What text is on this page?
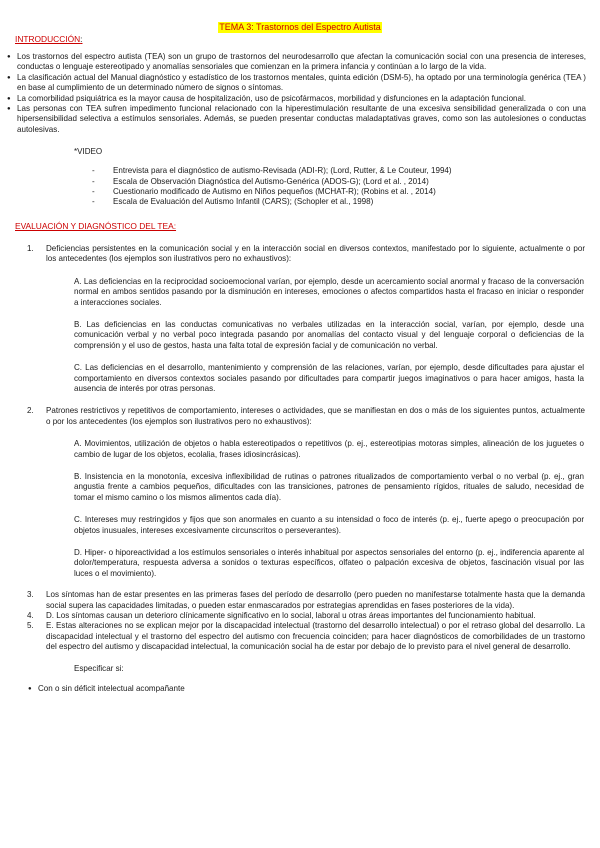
TEMA 3: Trastornos del Espectro Autista
INTRODUCCIÓN:
● Los trastornos del espectro autista (TEA) son un grupo de trastornos del neurodesarrollo que afectan la comunicación social con una presencia de intereses, conductas o lenguaje estereotipado y anomalías sensoriales que comienzan en la primera infancia y continúan a lo largo de la vida.
● La clasificación actual del Manual diagnóstico y estadístico de los trastornos mentales, quinta edición (DSM-5), ha optado por una terminología genérica (TEA ) en base al cumplimiento de un determinado número de signos o síntomas.
● La comorbilidad psiquiátrica es la mayor causa de hospitalización, uso de psicofármacos, morbilidad y disfunciones en la adaptación funcional.
● Las personas con TEA sufren impedimento funcional relacionado con la hiperestimulación resultante de una excesiva sensibilidad generalizada o con una hipersensibilidad selectiva a estímulos sensoriales. Además, se pueden presentar conductas maladaptativas graves, como son las autolesiones o conductas autolesivas.
*VIDEO
- Entrevista para el diagnóstico de autismo-Revisada (ADI-R); (Lord, Rutter, & Le Couteur, 1994)
- Escala de Observación Diagnóstica del Autismo-Genérica (ADOS-G); (Lord et al. , 2014)
- Cuestionario modificado de Autismo en Niños pequeños (MCHAT-R); (Robins et al. , 2014)
- Escala de Evaluación del Autismo Infantil (CARS); (Schopler et al., 1998)
EVALUACIÓN Y DIAGNÓSTICO DEL TEA:
1. Deficiencias persistentes en la comunicación social y en la interacción social en diversos contextos, manifestado por lo siguiente, actualmente o por los antecedentes (los ejemplos son ilustrativos pero no exhaustivos):
A. Las deficiencias en la reciprocidad socioemocional varían, por ejemplo, desde un acercamiento social anormal y fracaso de la conversación normal en ambos sentidos pasando por la disminución en intereses, emociones o afectos compartidos hasta el fracaso en iniciar o responder a interacciones sociales.
B. Las deficiencias en las conductas comunicativas no verbales utilizadas en la interacción social, varían, por ejemplo, desde una comunicación verbal y no verbal poco integrada pasando por anomalías del contacto visual y del lenguaje corporal o deficiencias de la comprensión y el uso de gestos, hasta una falta total de expresión facial y de comunicación no verbal.
C. Las deficiencias en el desarrollo, mantenimiento y comprensión de las relaciones, varían, por ejemplo, desde dificultades para ajustar el comportamiento en diversos contextos sociales pasando por dificultades para compartir juegos imaginativos o para hacer amigos, hasta la ausencia de interés por otras personas.
2. Patrones restrictivos y repetitivos de comportamiento, intereses o actividades, que se manifiestan en dos o más de los siguientes puntos, actualmente o por los antecedentes (los ejemplos son ilustrativos pero no exhaustivos):
A. Movimientos, utilización de objetos o habla estereotipados o repetitivos (p. ej., estereotipias motoras simples, alineación de los juguetes o cambio de lugar de los objetos, ecolalia, frases idiosincrásicas).
B. Insistencia en la monotonía, excesiva inflexibilidad de rutinas o patrones ritualizados de comportamiento verbal o no verbal (p. ej., gran angustia frente a cambios pequeños, dificultades con las transiciones, patrones de pensamiento rígidos, rituales de saludo, necesidad de tomar el mismo camino o los mismos alimentos cada día).
C. Intereses muy restringidos y fijos que son anormales en cuanto a su intensidad o foco de interés (p. ej., fuerte apego o preocupación por objetos inusuales, intereses excesivamente circunscritos o perseverantes).
D. Hiper- o hiporeactividad a los estímulos sensoriales o interés inhabitual por aspectos sensoriales del entorno (p. ej., indiferencia aparente al dolor/temperatura, respuesta adversa a sonidos o texturas específicos, olfateo o palpación excesiva de objetos, fascinación visual por las luces o el movimiento).
3. Los síntomas han de estar presentes en las primeras fases del período de desarrollo (pero pueden no manifestarse totalmente hasta que la demanda social supera las capacidades limitadas, o pueden estar enmascarados por estrategias aprendidas en fases posteriores de la vida).
4. D. Los síntomas causan un deterioro clínicamente significativo en lo social, laboral u otras áreas importantes del funcionamiento habitual.
5. E. Estas alteraciones no se explican mejor por la discapacidad intelectual (trastorno del desarrollo intelectual) o por el retraso global del desarrollo. La discapacidad intelectual y el trastorno del espectro del autismo con frecuencia coinciden; para hacer diagnósticos de comorbilidades de un trastorno del espectro del autismo y discapacidad intelectual, la comunicación social ha de estar por debajo de lo previsto para el nivel general de desarrollo.
Especificar si:
● Con o sin déficit intelectual acompañante
